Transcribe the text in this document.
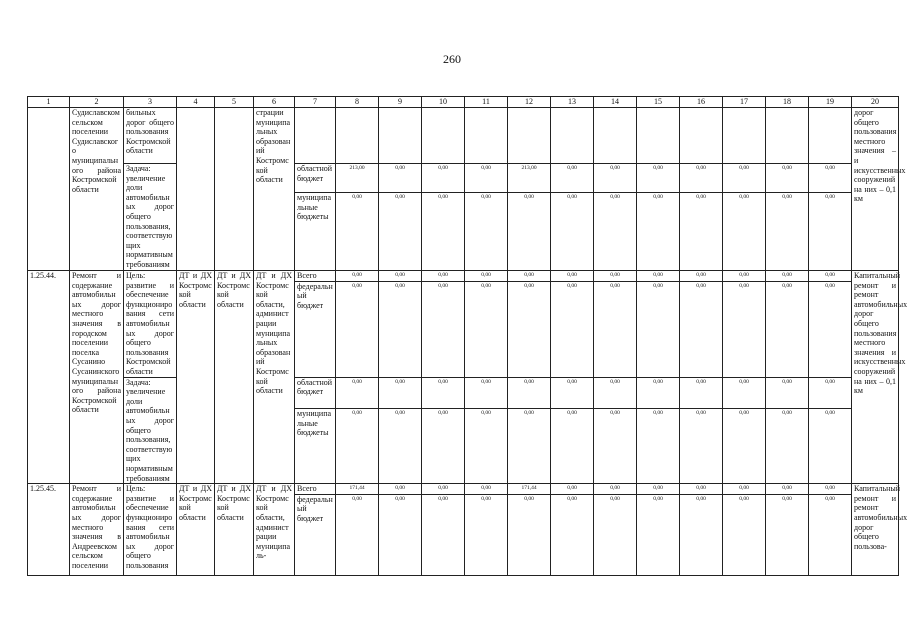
260
1	2	3	4	5	6	7	8	9	10	11	12	13	14	15	16	17	18	19	20
	Судиславском сельском поселении Судиславского муниципального района Костромской области	бильных дорог общего пользования Костромской области			страции муниципальных образований Костромской области														дорог общего пользования местного значения – и искусственных сооружений на них – 0,1 км
		Задача: увеличение доли автомобильных дорог общего пользования, соответствующих нормативным требованиям				областной бюджет	213,00	0,00	0,00	0,00	213,00	0,00	0,00	0,00	0,00	0,00	0,00	0,00	
						муниципальные бюджеты	0,00	0,00	0,00	0,00	0,00	0,00	0,00	0,00	0,00	0,00	0,00	0,00	
1.25.44.	Ремонт и содержание автомобильных дорог местного значения в городском поселении поселка Сусанино Сусанинского муниципального района Костромской области	Цель: развитие и обеспечение функционирования сети автомобильных дорог общего пользования Костромской области	ДТ и ДХ Костромской области	ДТ и ДХ Костромской области	ДТ и ДХ Костромской области, администрации муниципальных образований Костромской области	Всего	0,00	0,00	0,00	0,00	0,00	0,00	0,00	0,00	0,00	0,00	0,00	0,00	Капитальный ремонт и ремонт автомобильных дорог общего пользования местного значения и искусственных сооружений на них – 0,1 км
						федеральный бюджет	0,00	0,00	0,00	0,00	0,00	0,00	0,00	0,00	0,00	0,00	0,00	0,00	
		Задача: увеличение доли автомобильных дорог общего пользования, соответствующих нормативным требованиям				областной бюджет	0,00	0,00	0,00	0,00	0,00	0,00	0,00	0,00	0,00	0,00	0,00	0,00	
						муниципальные бюджеты	0,00	0,00	0,00	0,00	0,00	0,00	0,00	0,00	0,00	0,00	0,00	0,00	
1.25.45.	Ремонт и содержание автомобильных дорог местного значения в Андреевском сельском поселении	Цель: развитие и обеспечение функционирования сети автомобильных дорог общего пользования	ДТ и ДХ Костромской области	ДТ и ДХ Костромской области	ДТ и ДХ Костромской области, администрации муниципаль-	Всего	171,44	0,00	0,00	0,00	171,44	0,00	0,00	0,00	0,00	0,00	0,00	0,00	Капитальный ремонт и ремонт автомобильных дорог общего пользова-
						федеральный бюджет	0,00	0,00	0,00	0,00	0,00	0,00	0,00	0,00	0,00	0,00	0,00	0,00	
